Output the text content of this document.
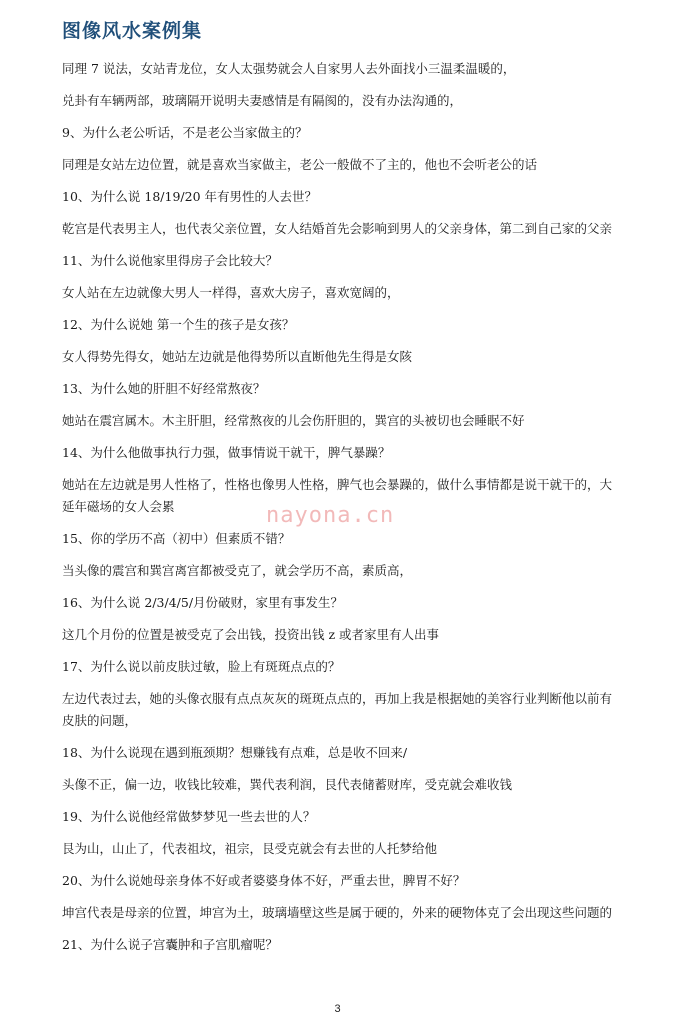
图像风水案例集

同理 7 说法，女站青龙位，女人太强势就会人自家男人去外面找小三温柔温暖的，

兑卦有车辆两部，玻璃隔开说明夫妻感情是有隔阂的，没有办法沟通的，

9、为什么老公听话，不是老公当家做主的？

同理是女站左边位置，就是喜欢当家做主，老公一般做不了主的，他也不会听老公的话

10、为什么说 18/19/20 年有男性的人去世？

乾宫是代表男主人，也代表父亲位置，女人结婚首先会影响到男人的父亲身体，第二到自己家的父亲

11、为什么说他家里得房子会比较大？

女人站在左边就像大男人一样得，喜欢大房子，喜欢宽阔的，

12、为什么说她 第一个生的孩子是女孩？

女人得势先得女，她站左边就是他得势所以直断他先生得是女陔

13、为什么她的肝胆不好经常熬夜？

她站在震宫属木。木主肝胆，经常熬夜的儿会伤肝胆的，巽宫的头被切也会睡眠不好

14、为什么他做事执行力强，做事情说干就干，脾气暴躁？

她站在左边就是男人性格了，性格也像男人性格，脾气也会暴躁的，做什么事情都是说干就干的，大延年磁场的女人会累

15、你的学历不高（初中）但素质不错？

当头像的震宫和巽宫离宫都被受克了，就会学历不高，素质高，

16、为什么说 2/3/4/5/月份破财，家里有事发生？

这几个月份的位置是被受克了会出钱，投资出钱 z 或者家里有人出事

17、为什么说以前皮肤过敏，脸上有斑斑点点的？

左边代表过去，她的头像衣服有点点灰灰的斑斑点点的，再加上我是根据她的美容行业判断他以前有皮肤的问题，

18、为什么说现在遇到瓶颈期？想赚钱有点难，总是收不回来/

头像不正，偏一边，收钱比较难，巽代表利润，艮代表储蓄财库，受克就会难收钱

19、为什么说他经常做梦梦见一些去世的人？

艮为山，山止了，代表祖坟，祖宗，艮受克就会有去世的人托梦给他

20、为什么说她母亲身体不好或者婆婆身体不好，严重去世，脾胃不好？

坤宫代表是母亲的位置，坤宫为土，玻璃墙壁这些是属于硬的，外来的硬物体克了会出现这些问题的

21、为什么说子宫囊肿和子宫肌瘤呢？

nayona.cn
3
